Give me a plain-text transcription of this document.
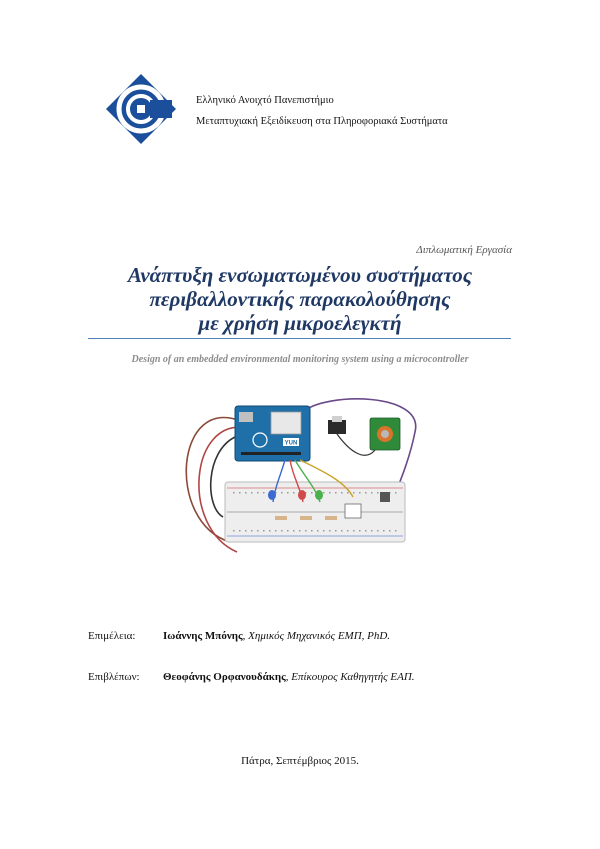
Ελληνικό Ανοιχτό Πανεπιστήμιο
Μεταπτυχιακή Εξειδίκευση στα Πληροφοριακά Συστήματα
Διπλωματική Εργασία
Ανάπτυξη ενσωματωμένου συστήματος
περιβαλλοντικής παρακολούθησης
με χρήση μικροελεγκτή
Design of an embedded environmental monitoring system using a microcontroller
YUN
Επιμέλεια:	Ιωάννης Μπόνης, Χημικός Μηχανικός ΕΜΠ, PhD.
Επιβλέπων: Θεοφάνης Ορφανουδάκης, Επίκουρος Καθηγητής ΕΑΠ.
Πάτρα, Σεπτέμβριος 2015.
